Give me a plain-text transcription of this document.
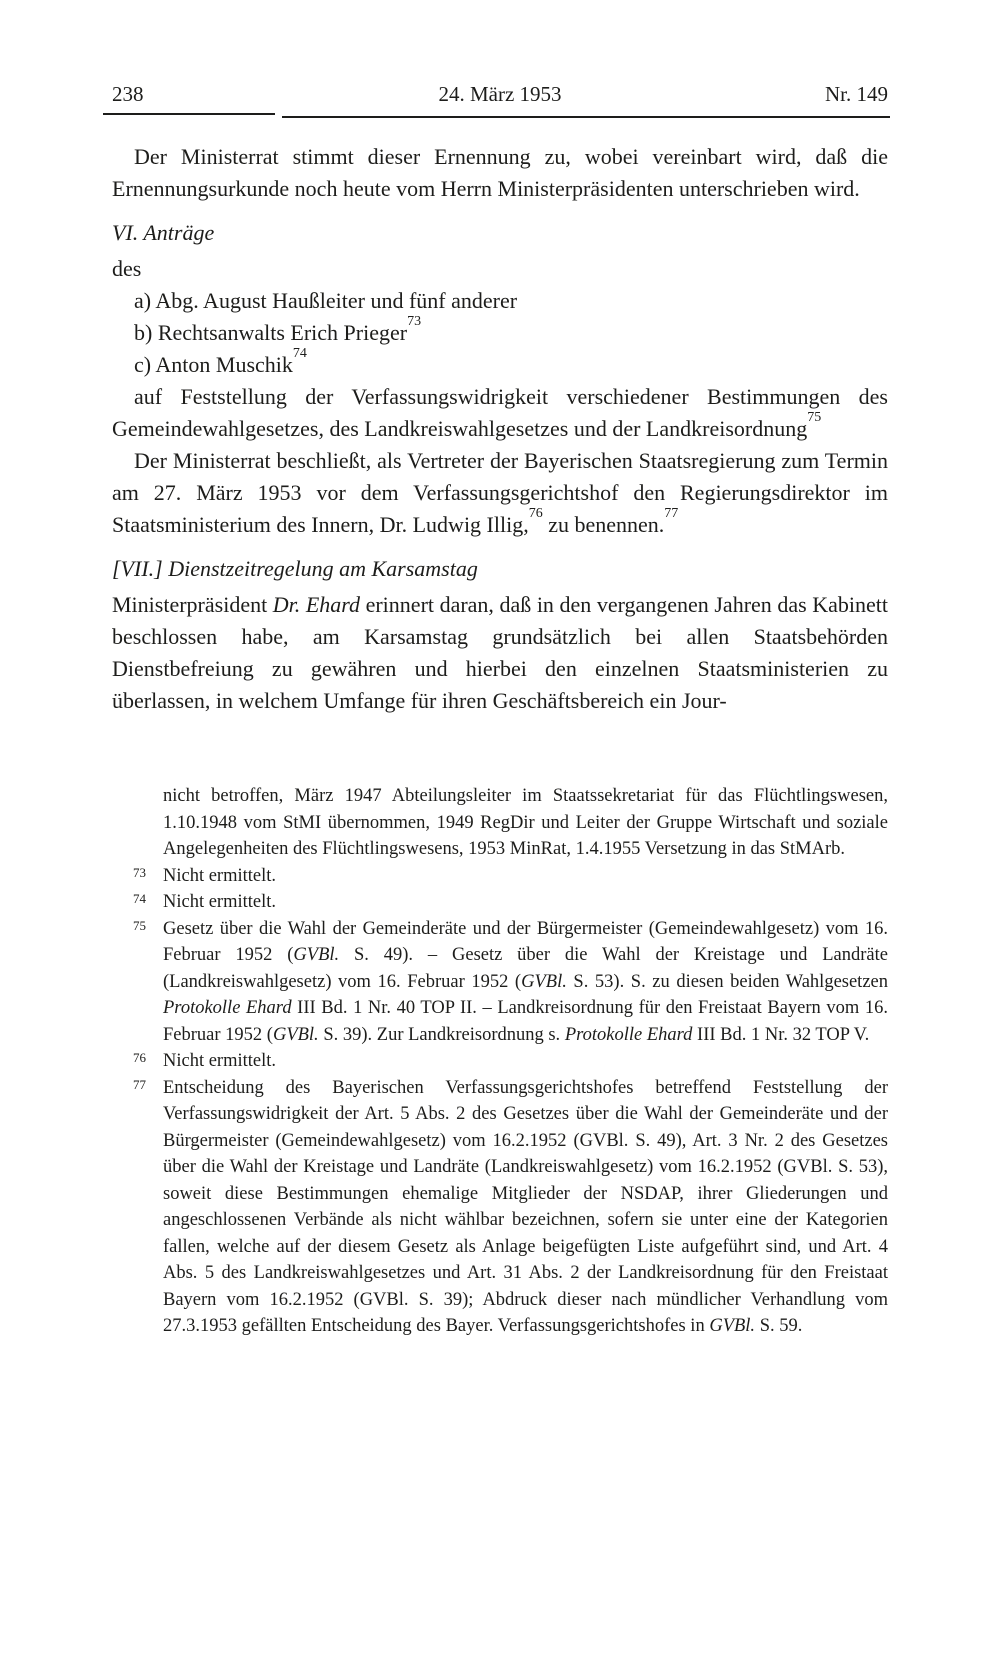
238	24. März 1953	Nr. 149
Der Ministerrat stimmt dieser Ernennung zu, wobei vereinbart wird, daß die Ernennungsurkunde noch heute vom Herrn Ministerpräsidenten unterschrieben wird.
VI. Anträge
des
a) Abg. August Haußleiter und fünf anderer
b) Rechtsanwalts Erich Prieger$^{73}$
c) Anton Muschik$^{74}$
auf Feststellung der Verfassungswidrigkeit verschiedener Bestimmungen des Gemeindewahlgesetzes, des Landkreiswahlgesetzes und der Landkreisordnung$^{75}$
Der Ministerrat beschließt, als Vertreter der Bayerischen Staatsregierung zum Termin am 27. März 1953 vor dem Verfassungsgerichtshof den Regierungsdirektor im Staatsministerium des Innern, Dr. Ludwig Illig,$^{76}$ zu benennen.$^{77}$
[VII.] Dienstzeitregelung am Karsamstag
Ministerpräsident Dr. Ehard erinnert daran, daß in den vergangenen Jahren das Kabinett beschlossen habe, am Karsamstag grundsätzlich bei allen Staatsbehörden Dienstbefreiung zu gewähren und hierbei den einzelnen Staatsministerien zu überlassen, in welchem Umfange für ihren Geschäftsbereich ein Jour-
nicht betroffen, März 1947 Abteilungsleiter im Staatssekretariat für das Flüchtlingswesen, 1.10.1948 vom StMI übernommen, 1949 RegDir und Leiter der Gruppe Wirtschaft und soziale Angelegenheiten des Flüchtlingswesens, 1953 MinRat, 1.4.1955 Versetzung in das StMArb.
73 Nicht ermittelt.
74 Nicht ermittelt.
75 Gesetz über die Wahl der Gemeinderäte und der Bürgermeister (Gemeindewahlgesetz) vom 16. Februar 1952 (GVBl. S. 49). – Gesetz über die Wahl der Kreistage und Landräte (Landkreiswahlgesetz) vom 16. Februar 1952 (GVBl. S. 53). S. zu diesen beiden Wahlgesetzen Protokolle Ehard III Bd. 1 Nr. 40 TOP II. – Landkreisordnung für den Freistaat Bayern vom 16. Februar 1952 (GVBl. S. 39). Zur Landkreisordnung s. Protokolle Ehard III Bd. 1 Nr. 32 TOP V.
76 Nicht ermittelt.
77 Entscheidung des Bayerischen Verfassungsgerichtshofes betreffend Feststellung der Verfassungswidrigkeit der Art. 5 Abs. 2 des Gesetzes über die Wahl der Gemeinderäte und der Bürgermeister (Gemeindewahlgesetz) vom 16.2.1952 (GVBl. S. 49), Art. 3 Nr. 2 des Gesetzes über die Wahl der Kreistage und Landräte (Landkreiswahlgesetz) vom 16.2.1952 (GVBl. S. 53), soweit diese Bestimmungen ehemalige Mitglieder der NSDAP, ihrer Gliederungen und angeschlossenen Verbände als nicht wählbar bezeichnen, sofern sie unter eine der Kategorien fallen, welche auf der diesem Gesetz als Anlage beigefügten Liste aufgeführt sind, und Art. 4 Abs. 5 des Landkreiswahlgesetzes und Art. 31 Abs. 2 der Landkreisordnung für den Freistaat Bayern vom 16.2.1952 (GVBl. S. 39); Abdruck dieser nach mündlicher Verhandlung vom 27.3.1953 gefällten Entscheidung des Bayer. Verfassungsgerichtshofes in GVBl. S. 59.
